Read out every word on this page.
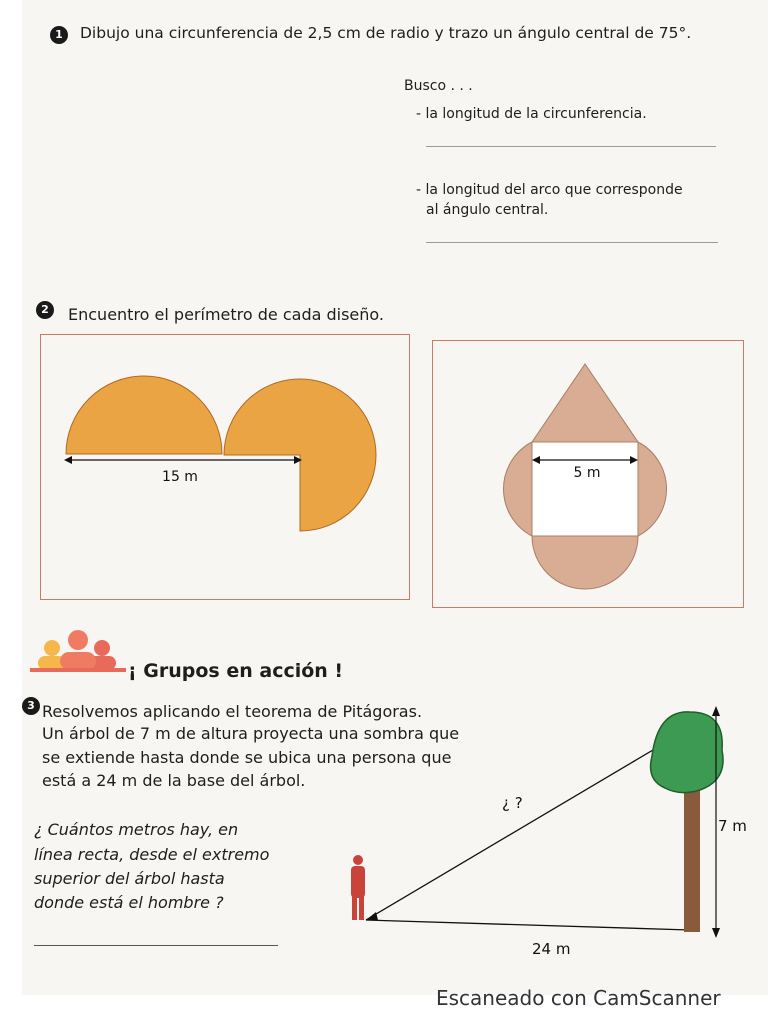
1	Dibujo una circunferencia de 2,5 cm de radio y trazo un ángulo central de 75°.
Busco . . .
- la longitud de la circunferencia.
- la longitud del arco que corresponde
al ángulo central.
2	Encuentro el perímetro de cada diseño.
15 m	5 m
¡ Grupos en acción !
3 Resolvemos aplicando el teorema de Pitágoras.
Un árbol de 7 m de altura proyecta una sombra que
se extiende hasta donde se ubica una persona que
está a 24 m de la base del árbol.
¿ Cuántos metros hay, en
línea recta, desde el extremo
superior del árbol hasta
donde está el hombre ?
¿ ?
7 m
24 m
Escaneado con CamScanner
